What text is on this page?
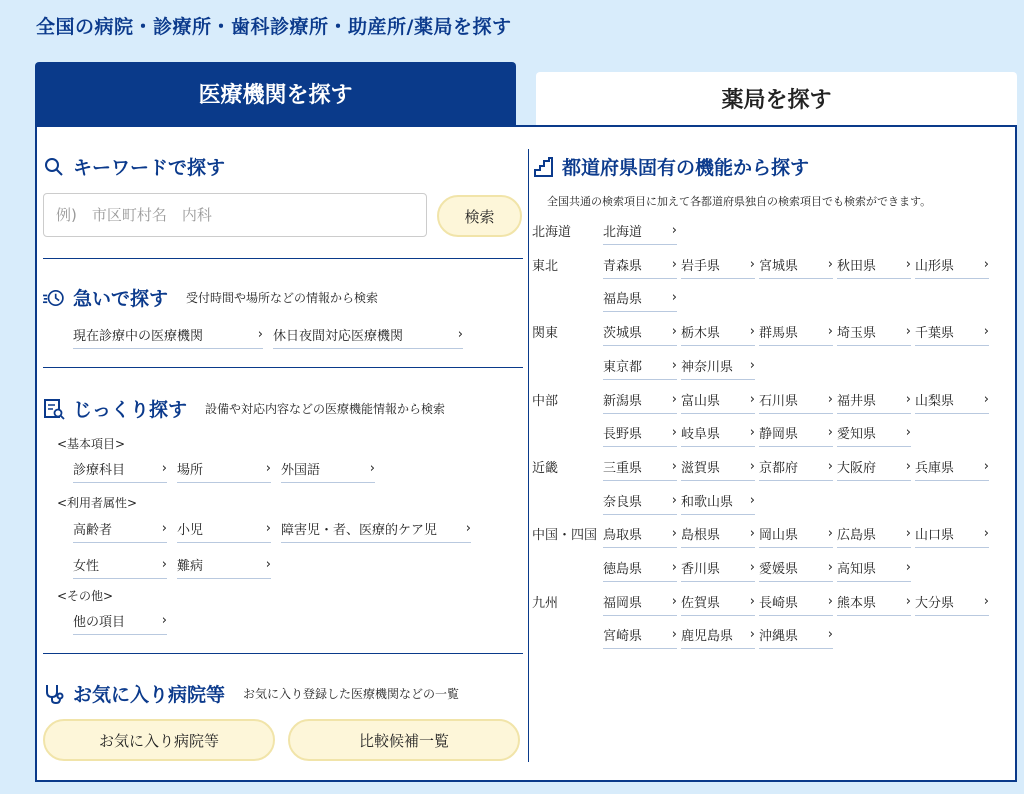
全国の病院・診療所・歯科診療所・助産所/薬局を探す
医療機関を探す	薬局を探す
キーワードで探す
例)　市区町村名　内科
検索
急いで探す 受付時間や場所などの情報から検索
現在診療中の医療機関	› 休日夜間対応医療機関	›
じっくり探す 設備や対応内容などの医療機能情報から検索
<基本項目>
診療科目	› 場所	› 外国語	›
<利用者属性>
高齢者	› 小児	› 障害児・者、医療的ケア児 ›
女性	› 難病	›
<その他>
他の項目	›
お気に入り病院等 お気に入り登録した医療機関などの一覧
お気に入り病院等	比較候補一覧
都道府県固有の機能から探す
全国共通の検索項目に加えて各都道府県独自の検索項目でも検索ができます。
北海道 北海道 ›
東北	青森県 › 岩手県 › 宮城県 › 秋田県 › 山形県 ›
福島県 ›
関東	茨城県 › 栃木県 › 群馬県 › 埼玉県 › 千葉県 ›
東京都 › 神奈川県 ›
中部	新潟県 › 富山県 › 石川県 › 福井県 › 山梨県 ›
長野県 › 岐阜県 › 静岡県 › 愛知県 ›
近畿	三重県 › 滋賀県 › 京都府 › 大阪府 › 兵庫県 ›
奈良県 › 和歌山県 ›
中国・四国 鳥取県 › 島根県 › 岡山県 › 広島県 › 山口県 ›
徳島県 › 香川県 › 愛媛県 › 高知県 ›
九州	福岡県 › 佐賀県 › 長崎県 › 熊本県 › 大分県 ›
宮崎県 › 鹿児島県 › 沖縄県 ›
